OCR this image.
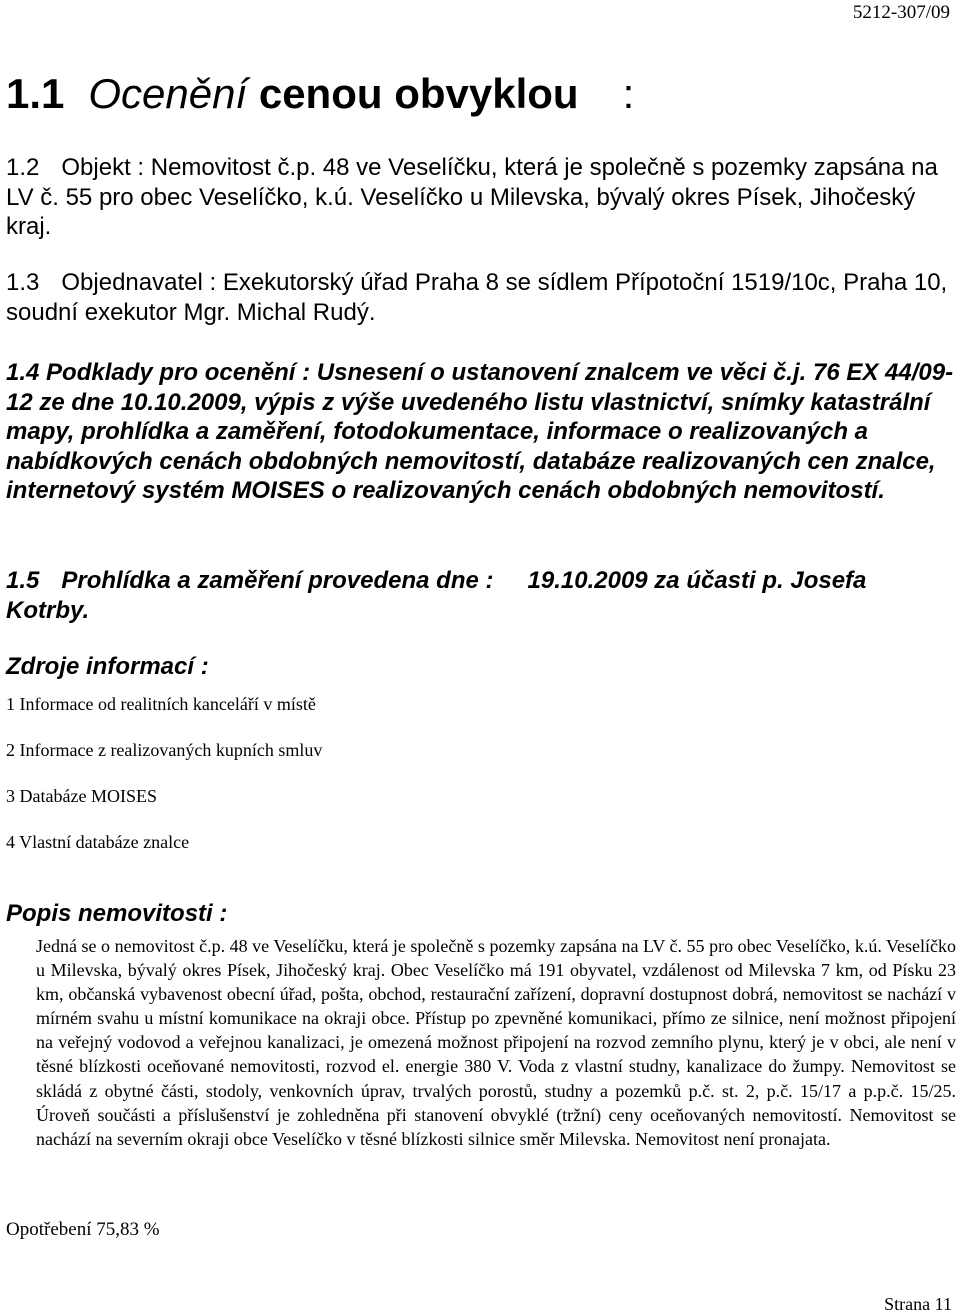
5212-307/09
1.1 Ocenění cenou obvyklou :

1.2 Objekt : Nemovitost č.p. 48 ve Veselíčku, která je společně s pozemky zapsána na LV č. 55 pro obec Veselíčko, k.ú. Veselíčko u Milevska, bývalý okres Písek, Jihočeský kraj.

1.3 Objednavatel : Exekutorský úřad Praha 8 se sídlem Přípotoční 1519/10c, Praha 10, soudní exekutor Mgr. Michal Rudý.

1.4 Podklady pro ocenění : Usnesení o ustanovení znalcem ve věci č.j. 76 EX 44/09-12 ze dne 10.10.2009, výpis z výše uvedeného listu vlastnictví, snímky katastrální mapy, prohlídka a zaměření, fotodokumentace, informace o realizovaných a nabídkových cenách obdobných nemovitostí, databáze realizovaných cen znalce, internetový systém MOISES o realizovaných cenách obdobných nemovitostí.

1.5 Prohlídka a zaměření provedena dne : 19.10.2009 za účasti p. Josefa Kotrby.

Zdroje informací :
1 Informace od realitních kanceláří v místě
2 Informace z realizovaných kupních smluv
3 Databáze MOISES
4 Vlastní databáze znalce
Popis nemovitosti :

Jedná se o nemovitost č.p. 48 ve Veselíčku, která je společně s pozemky zapsána na LV č. 55 pro obec Veselíčko, k.ú. Veselíčko u Milevska, bývalý okres Písek, Jihočeský kraj. Obec Veselíčko má 191 obyvatel, vzdálenost od Milevska 7 km, od Písku 23 km, občanská vybavenost obecní úřad, pošta, obchod, restaurační zařízení, dopravní dostupnost dobrá, nemovitost se nachází v mírném svahu u místní komunikace na okraji obce. Přístup po zpevněné komunikaci, přímo ze silnice, není možnost připojení na veřejný vodovod a veřejnou kanalizaci, je omezená možnost připojení na rozvod zemního plynu, který je v obci, ale není v těsné blízkosti oceňované nemovitosti, rozvod el. energie 380 V. Voda z vlastní studny, kanalizace do žumpy. Nemovitost se skládá z obytné části, stodoly, venkovních úprav, trvalých porostů, studny a pozemků p.č. st. 2, p.č. 15/17 a p.p.č. 15/25. Úroveň součásti a příslušenství je zohledněna při stanovení obvyklé (tržní) ceny oceňovaných nemovitostí. Nemovitost se nachází na severním okraji obce Veselíčko v těsné blízkosti silnice směr Milevska. Nemovitost není pronajata.

Opotřebení 75,83 %
Strana 11
